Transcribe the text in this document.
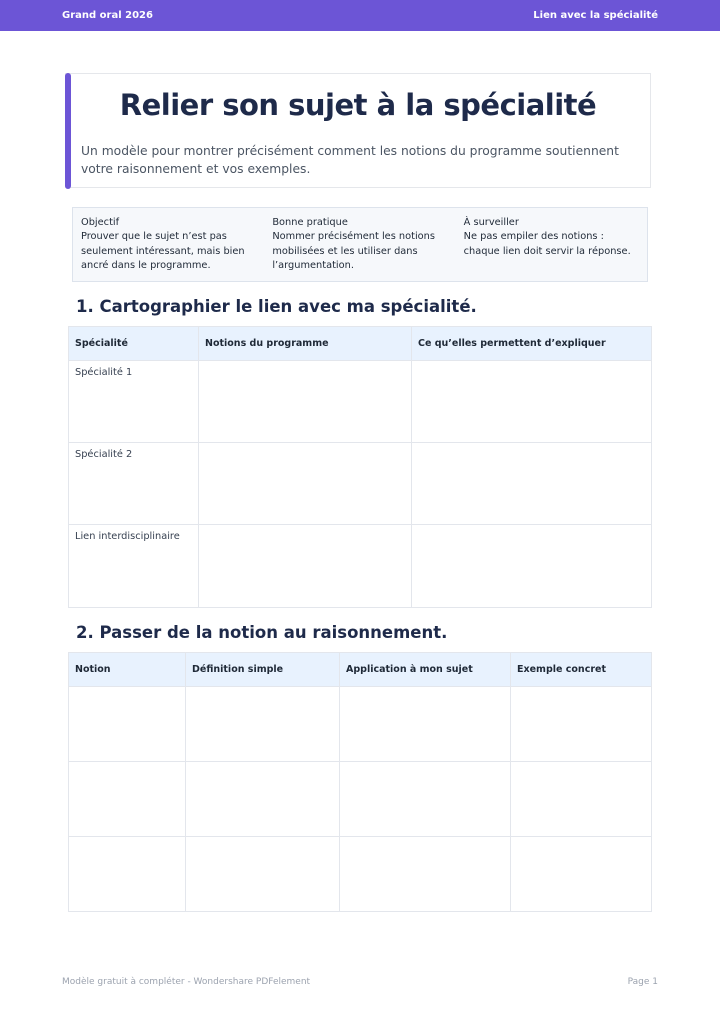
Grand oral 2026	Lien avec la spécialité
Relier son sujet à la spécialité

Un modèle pour montrer précisément comment les notions du programme soutiennent votre raisonnement et vos exemples.

Objectif
Prouver que le sujet n’est pas seulement intéressant, mais bien ancré dans le programme.
Bonne pratique
Nommer précisément les notions mobilisées et les utiliser dans l’argumentation.
À surveiller
Ne pas empiler des notions : chaque lien doit servir la réponse.
1. Cartographier le lien avec ma spécialité.
Spécialité	Notions du programme	Ce qu’elles permettent d’expliquer
Spécialité 1		
Spécialité 2		
Lien interdisciplinaire		
2. Passer de la notion au raisonnement.
Notion	Définition simple	Application à mon sujet	Exemple concret

Modèle gratuit à compléter - Wondershare PDFelement	Page 1
